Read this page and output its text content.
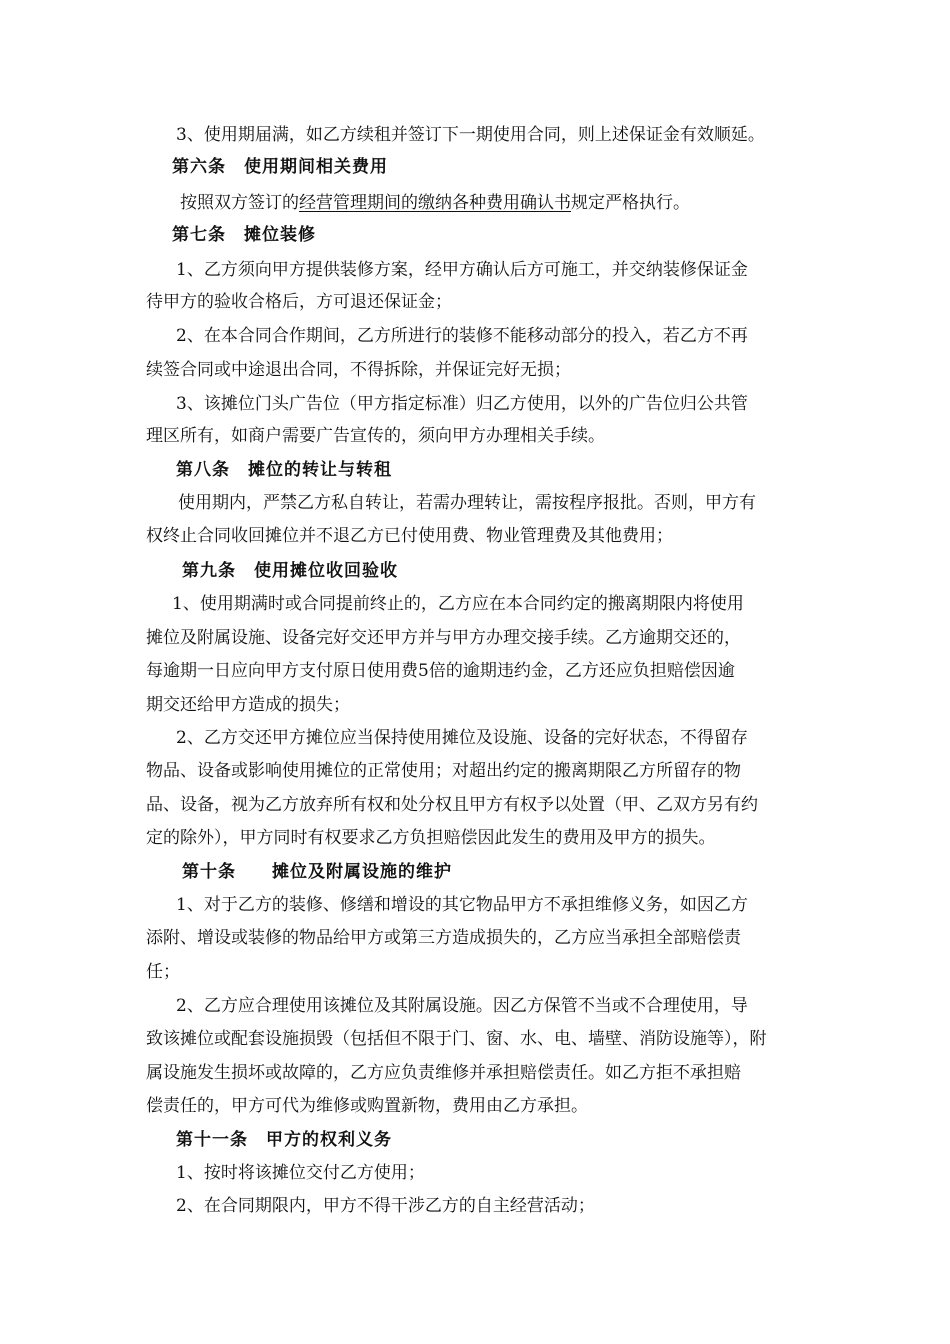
3、使用期届满，如乙方续租并签订下一期使用合同，则上述保证金有效顺延。
第六条　使用期间相关费用
按照双方签订的经营管理期间的缴纳各种费用确认书规定严格执行。
第七条　摊位装修
1、乙方须向甲方提供装修方案，经甲方确认后方可施工，并交纳装修保证金
待甲方的验收合格后，方可退还保证金；
2、在本合同合作期间，乙方所进行的装修不能移动部分的投入，若乙方不再
续签合同或中途退出合同，不得拆除，并保证完好无损；
3、该摊位门头广告位（甲方指定标准）归乙方使用，以外的广告位归公共管
理区所有，如商户需要广告宣传的，须向甲方办理相关手续。
第八条　摊位的转让与转租
使用期内，严禁乙方私自转让，若需办理转让，需按程序报批。否则，甲方有
权终止合同收回摊位并不退乙方已付使用费、物业管理费及其他费用；
第九条　使用摊位收回验收
1、使用期满时或合同提前终止的，乙方应在本合同约定的搬离期限内将使用
摊位及附属设施、设备完好交还甲方并与甲方办理交接手续。乙方逾期交还的，
每逾期一日应向甲方支付原日使用费5倍的逾期违约金，乙方还应负担赔偿因逾
期交还给甲方造成的损失；
2、乙方交还甲方摊位应当保持使用摊位及设施、设备的完好状态，不得留存
物品、设备或影响使用摊位的正常使用；对超出约定的搬离期限乙方所留存的物
品、设备，视为乙方放弃所有权和处分权且甲方有权予以处置（甲、乙双方另有约
定的除外），甲方同时有权要求乙方负担赔偿因此发生的费用及甲方的损失。
第十条　　摊位及附属设施的维护
1、对于乙方的装修、修缮和增设的其它物品甲方不承担维修义务，如因乙方
添附、增设或装修的物品给甲方或第三方造成损失的，乙方应当承担全部赔偿责
任；
2、乙方应合理使用该摊位及其附属设施。因乙方保管不当或不合理使用，导
致该摊位或配套设施损毁（包括但不限于门、窗、水、电、墙壁、消防设施等），附
属设施发生损坏或故障的，乙方应负责维修并承担赔偿责任。如乙方拒不承担赔
偿责任的，甲方可代为维修或购置新物，费用由乙方承担。
第十一条　甲方的权利义务
1、按时将该摊位交付乙方使用；
2、在合同期限内，甲方不得干涉乙方的自主经营活动；
